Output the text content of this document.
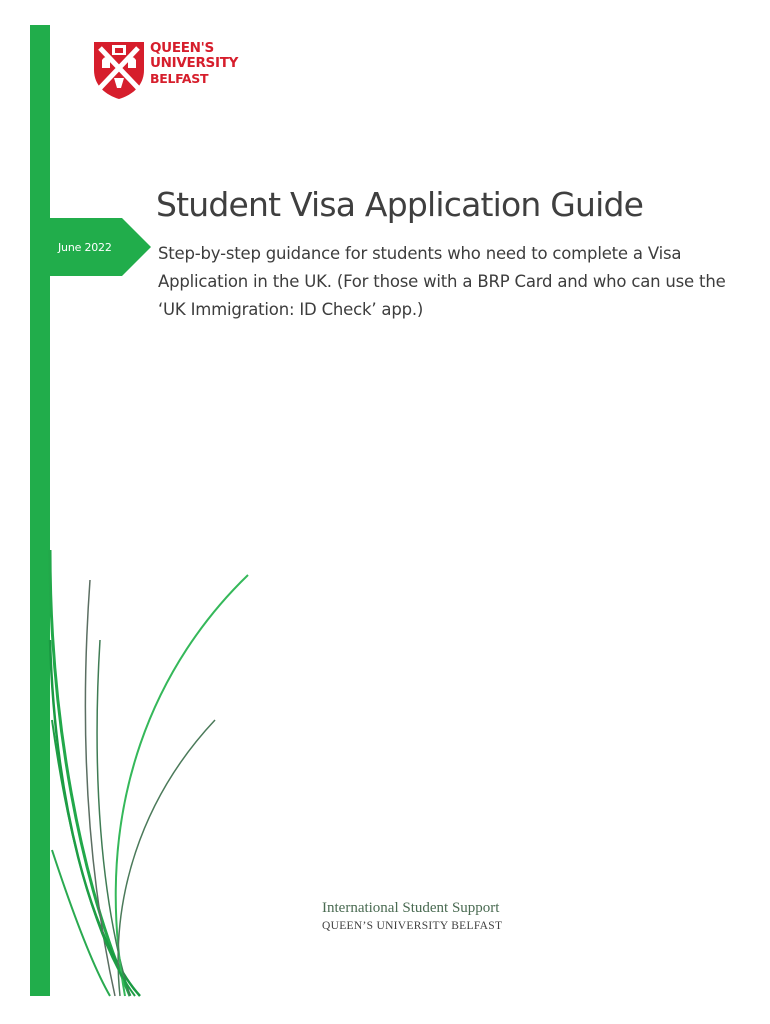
June 2022
QUEEN'S
UNIVERSITY
BELFAST
Student Visa Application Guide

Step-by-step guidance for students who need to complete a Visa Application in the UK. (For those with a BRP Card and who can use the ‘UK Immigration: ID Check’ app.)

International Student Support
QUEEN’S UNIVERSITY BELFAST
